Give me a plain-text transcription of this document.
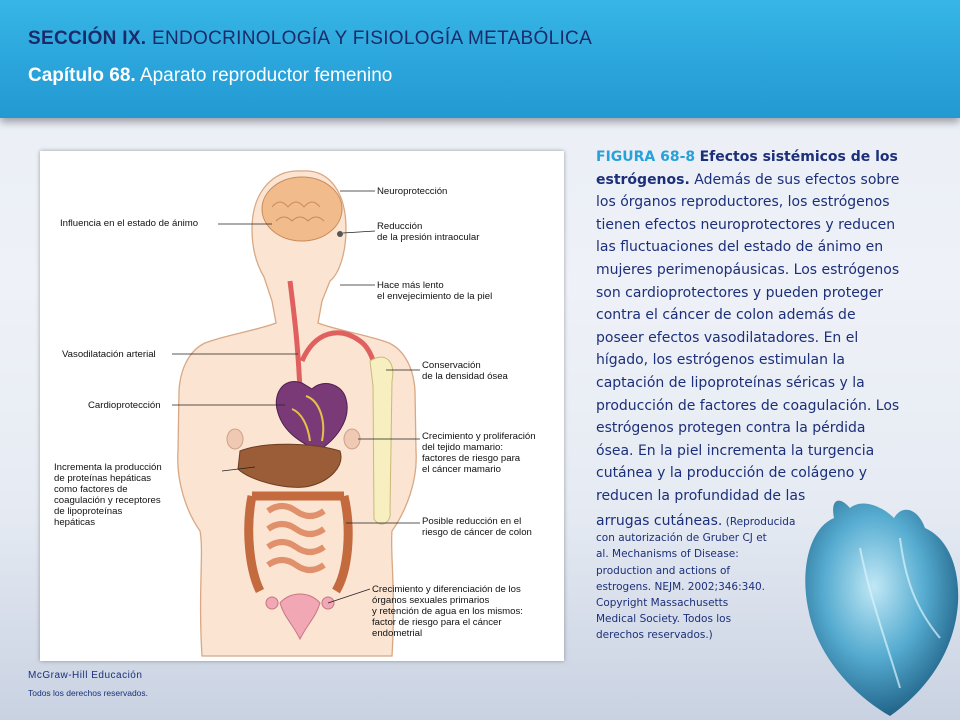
SECCIÓN IX. ENDOCRINOLOGÍA Y FISIOLOGÍA METABÓLICA
Capítulo 68. Aparato reproductor femenino
Neuroprotección
Influencia en el estado de ánimo	Reducción
de la presión intraocular
Hace más lento
el envejecimiento de la piel
Vasodilatación arterial
Conservación
de la densidad ósea
Cardioprotección
Crecimiento y proliferación
del tejido mamario:
factores de riesgo para
el cáncer mamario
Incrementa la producción
de proteínas hepáticas
como factores de
coagulación y receptores
de lipoproteínas
hepáticas	Posible reducción en el
riesgo de cáncer de colon
Crecimiento y diferenciación de los
órganos sexuales primarios
y retención de agua en los mismos:
factor de riesgo para el cáncer
endometrial
FIGURA 68-8 Efectos sistémicos de los
estrógenos. Además de sus efectos sobre
los órganos reproductores, los estrógenos
tienen efectos neuroprotectores y reducen
las fluctuaciones del estado de ánimo en
mujeres perimenopáusicas. Los estrógenos
son cardioprotectores y pueden proteger
contra el cáncer de colon además de
poseer efectos vasodilatadores. En el
hígado, los estrógenos estimulan la
captación de lipoproteínas séricas y la
producción de factores de coagulación. Los
estrógenos protegen contra la pérdida
ósea. En la piel incrementa la turgencia
cutánea y la producción de colágeno y
reducen la profundidad de las
arrugas cutáneas. (Reproducida
con autorización de Gruber CJ et
al. Mechanisms of Disease:
production and actions of
estrogens. NEJM. 2002;346:340.
Copyright Massachusetts
Medical Society. Todos los
derechos reservados.)
McGraw-Hill Educación
Todos los derechos reservados.
